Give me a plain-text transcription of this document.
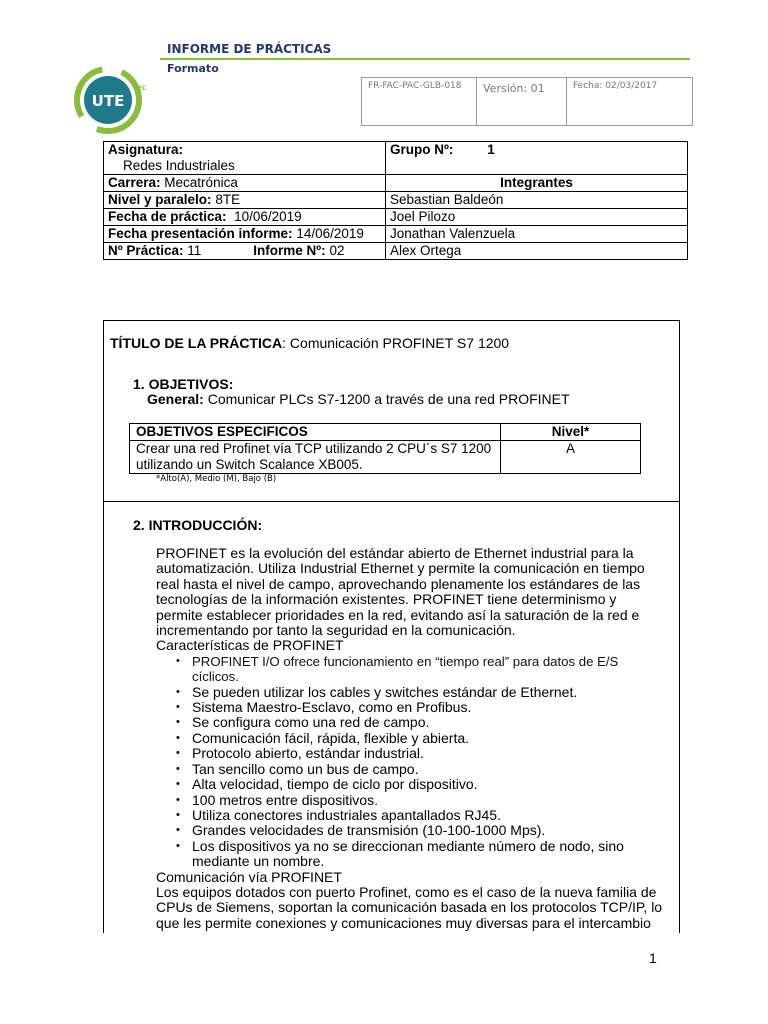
INFORME DE PRÁCTICAS
Formato
UTE
EC	FR-FAC-PAC-GLB-018	Versión: 01	Fecha: 02/03/2017
Asignatura:
Redes Industriales	Grupo Nº: 1
Carrera: Mecatrónica	Integrantes
Nivel y paralelo: 8TE	Sebastian Baldeón
Fecha de práctica: 10/06/2019	Joel Pilozo
Fecha presentación informe: 14/06/2019	Jonathan Valenzuela
Nº Práctica: 11 Informe Nº: 02	Alex Ortega
TÍTULO DE LA PRÁCTICA: Comunicación PROFINET S7 1200
1. OBJETIVOS:
General: Comunicar PLCs S7-1200 a través de una red PROFINET
OBJETIVOS ESPECIFICOS	Nivel*
Crear una red Profinet vía TCP utilizando 2 CPU´s S7 1200 utilizando un Switch Scalance XB005.	A
*Alto(A), Medio (M), Bajo (B)
2. INTRODUCCIÓN:

PROFINET es la evolución del estándar abierto de Ethernet industrial para la automatización. Utiliza Industrial Ethernet y permite la comunicación en tiempo real hasta el nivel de campo, aprovechando plenamente los estándares de las tecnologías de la información existentes. PROFINET tiene determinismo y permite establecer prioridades en la red, evitando así la saturación de la red e incrementando por tanto la seguridad en la comunicación.

Características de PROFINET

• PROFINET I/O ofrece funcionamiento en “tiempo real” para datos de E/S cíclicos.
• Se pueden utilizar los cables y switches estándar de Ethernet.
• Sistema Maestro-Esclavo, como en Profibus.
• Se configura como una red de campo.
• Comunicación fácil, rápida, flexible y abierta.
• Protocolo abierto, estándar industrial.
• Tan sencillo como un bus de campo.
• Alta velocidad, tiempo de ciclo por dispositivo.
• 100 metros entre dispositivos.
• Utiliza conectores industriales apantallados RJ45.
• Grandes velocidades de transmisión (10-100-1000 Mps).
• Los dispositivos ya no se direccionan mediante número de nodo, sino mediante un nombre.

Comunicación vía PROFINET

Los equipos dotados con puerto Profinet, como es el caso de la nueva familia de CPUs de Siemens, soportan la comunicación basada en los protocolos TCP/IP, lo que les permite conexiones y comunicaciones muy diversas para el intercambio

1
